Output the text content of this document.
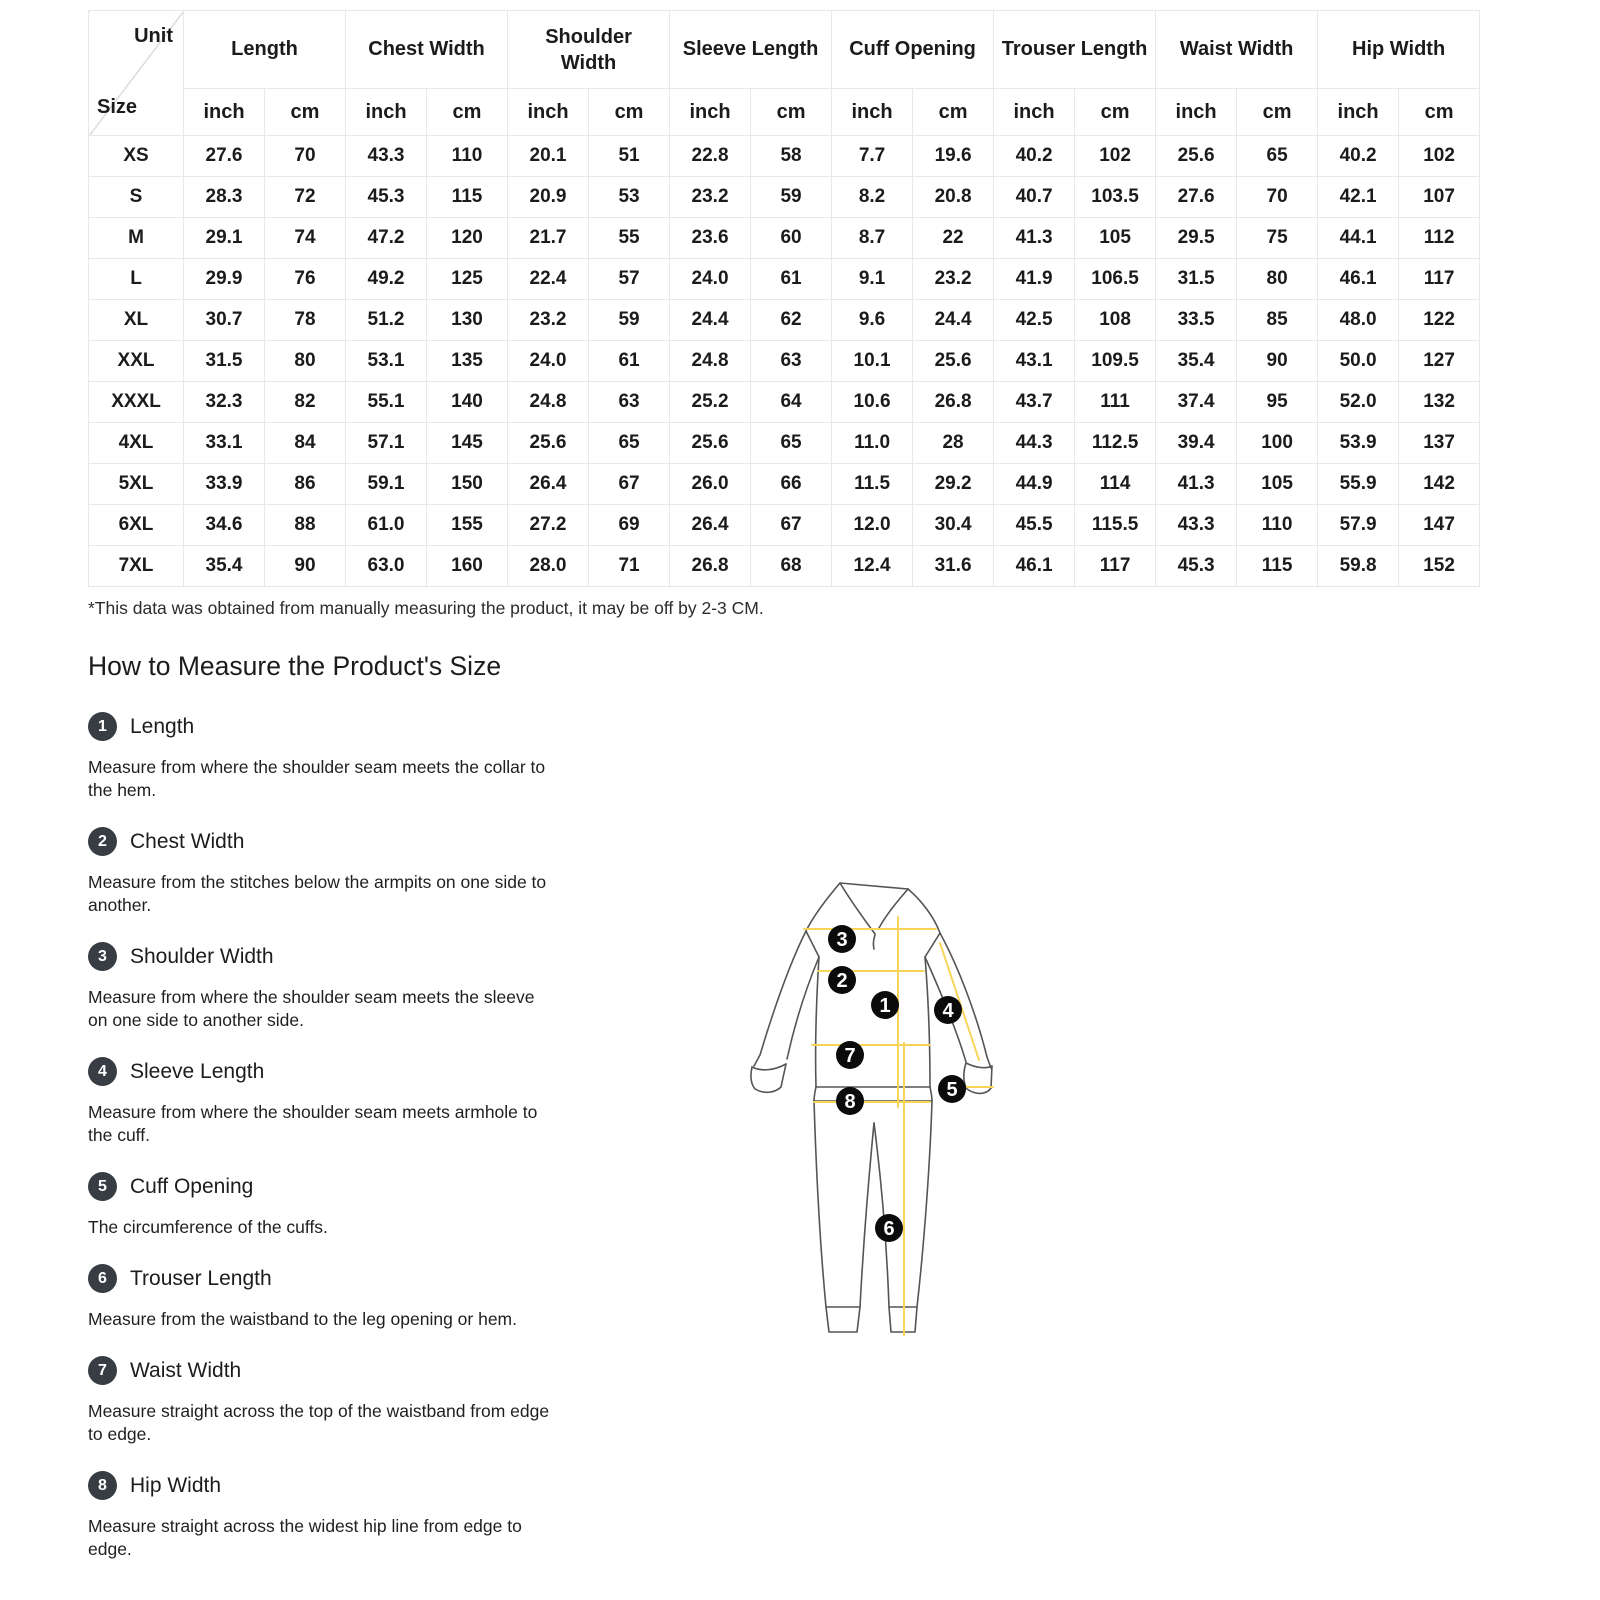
Unit
Size	Length		Chest Width		Shoulder Width		Sleeve Length		Cuff Opening		Trouser Length		Waist Width		Hip Width	
	inch	cm	inch	cm	inch	cm	inch	cm	inch	cm	inch	cm	inch	cm	inch	cm
XS	27.6	70	43.3	110	20.1	51	22.8	58	7.7	19.6	40.2	102	25.6	65	40.2	102
S	28.3	72	45.3	115	20.9	53	23.2	59	8.2	20.8	40.7	103.5	27.6	70	42.1	107
M	29.1	74	47.2	120	21.7	55	23.6	60	8.7	22	41.3	105	29.5	75	44.1	112
L	29.9	76	49.2	125	22.4	57	24.0	61	9.1	23.2	41.9	106.5	31.5	80	46.1	117
XL	30.7	78	51.2	130	23.2	59	24.4	62	9.6	24.4	42.5	108	33.5	85	48.0	122
XXL	31.5	80	53.1	135	24.0	61	24.8	63	10.1	25.6	43.1	109.5	35.4	90	50.0	127
XXXL	32.3	82	55.1	140	24.8	63	25.2	64	10.6	26.8	43.7	111	37.4	95	52.0	132
4XL	33.1	84	57.1	145	25.6	65	25.6	65	11.0	28	44.3	112.5	39.4	100	53.9	137
5XL	33.9	86	59.1	150	26.4	67	26.0	66	11.5	29.2	44.9	114	41.3	105	55.9	142
6XL	34.6	88	61.0	155	27.2	69	26.4	67	12.0	30.4	45.5	115.5	43.3	110	57.9	147
7XL	35.4	90	63.0	160	28.0	71	26.8	68	12.4	31.6	46.1	117	45.3	115	59.8	152

*This data was obtained from manually measuring the product, it may be off by 2-3 CM.

How to Measure the Product's Size
1	Length

Measure from where the shoulder seam meets the collar to the hem.

2	Chest Width

Measure from the stitches below the armpits on one side to another.

3	Shoulder Width

Measure from where the shoulder seam meets the sleeve on one side to another side.

4	Sleeve Length

Measure from where the shoulder seam meets armhole to the cuff.

5	Cuff Opening

The circumference of the cuffs.

6	Trouser Length

Measure from the waistband to the leg opening or hem.

7	Waist Width

Measure straight across the top of the waistband from edge to edge.

8	Hip Width

Measure straight across the widest hip line from edge to edge.

1
2
3
4
5
6
7
8
